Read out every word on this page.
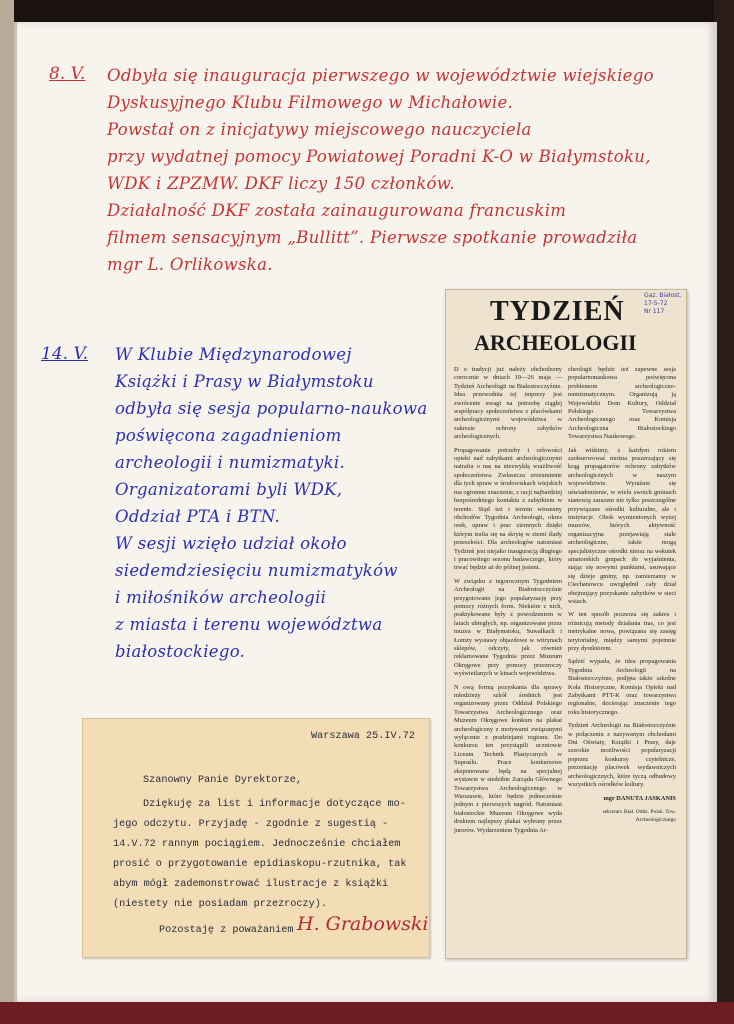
8. V. Odbyła się inauguracja pierwszego w województwie wiejskiego
Dyskusyjnego Klubu Filmowego w Michałowie.
Powstał on z inicjatywy miejscowego nauczyciela
przy wydatnej pomocy Powiatowej Poradni K-O w Białymstoku,
WDK i ZPZMW. DKF liczy 150 członków.
Działalność DKF została zainaugurowana francuskim
filmem sensacyjnym „Bullitt”. Pierwsze spotkanie prowadziła
mgr L. Orlikowska.
14. V. W Klubie Międzynarodowej
Książki i Prasy w Białymstoku
odbyła się sesja popularno-naukowa
poświęcona zagadnieniom
archeologii i numizmatyki.
Organizatorami byli WDK,
Oddział PTA i BTN.
W sesji wzięło udział około
siedemdziesięciu numizmatyków
i miłośników archeologii
z miasta i terenu województwa
białostockiego.
Gaz. Białost.
17-5-72
Nr 117
TYDZIEŃ
ARCHEOLOGII

D o tradycji już należy obchodzony corocznie w dniach 19—26 maja — Tydzień Archeologii na Białostocczyźnie. Idea przewodnia tej imprezy jest zwrócenie uwagi na potrzebę ciągłej współpracy społeczeństwa z placówkami archeologicznymi województwa w zakresie ochrony zabytków archeologicznych.

Propagowanie potrzeby i celowości opieki nad zabytkami archeologicznymi natrafia o nas na niezwykłą wrażliwość społeczeństwa. Zwłaszcza zrozumienie dla tych spraw w środowiskach wiejskich ma ogromne znaczenie, z racji najbardziej bezpośredniego kontaktu z zabytkiem w terenie. Stąd też i termin wiosenny obchodów Tygodnia Archeologii, okres orek, upraw i prac ziemnych dzięki którym trafia się na skrytę w ziemi ślady przeszłości. Dla archeologów natomiast Tydzień jest niejako inauguracją długiego i pracowitego sezonu badawczego, który trwać będzie aż do późnej jesieni.

W związku z tegorocznym Tygodniem Archeologii na Białostocczyźnie przygotowano jego popularyzację przy pomocy różnych form. Niektóre z nich, praktykowane były z powodzeniem w latach ubiegłych, np. organizowane przez muzea w Białymstoku, Suwałkach i Łomży wystawy objazdowe w witrynach sklepów, odczyty, jak również reklamowane Tygodnia przez Muzeum Okręgowe przy pomocy przezroczy wyświetlanych w kinach województwa.

N ową formą pozyskania dla sprawy młodzieży szkół średnich jest organizowany przez Oddział Polskiego Towarzystwa Archeologicznego oraz Muzeum Okręgowe konkurs na plakat archeologiczny z motywami związanymi wyłącznie z pradziejami regionu. Do konkursu ten przystąpili uczniowie Liceum Technik Plastycznych w Supraślu. Prace konkursowe eksponowane będą na specjalnej wystawie w siedzibie Zarządu Głównego Towarzystwa Archeologicznego w Warszawie, które będzie jednocześnie jednym z pierwszych nagród. Natomiast białostockie Muzeum Okręgowe wyda drukiem najlepszy plakat wybrany przez jurorów. Wydarzeniem Tygodnia Ar-

cheologii będzie też zapewne sesja popularnonaukowa poświęcona problemom archeologiczno-numizmatycznym. Organizują ją Wojewódzki Dom Kultury, Oddział Polskiego Towarzystwa Archeologicznego oraz Komisja Archeologiczna Białostockiego Towarzystwa Naukowego.

Jak widzimy, z każdym rokiem zaobserwować można poszerzający się krąg propagatorów ochrony zabytków archeologicznych w naszym województwie. Wyraźnie się uświadomienie, w wielu swoich gminach stanowią zarazem nie tylko poszczególne przywiązane ośrodki kulturalne, ale i instytucje. Obok wymienionych wyżej muzeów, których aktywność organizacyjna przejawiają stale archeologiczne, także mogą specjalistyczne ośrodki nieraz na wskutek amatorskich grupach do wyjaśnienia, stając się nowymi punktami, usuwające się dzieje gminy, np. zamierzamy w Ciechanowcu uwzględnił cały dział obejmujący pozyskanie zabytków w sieci wsiach.

W ten sposób poszerza się zakres i różnicują metody działania tras, co jest metrykalne nowa, powiązana się zasięg terytorialny, między samymi pojemnie przy dyrektorem.

Sądzić wypada, że idea propagowania Tygodnia Archeologii na Białostocczyźnie, podjęta także szkolne Koła Historyczne, Komisja Opieki nad Zabytkami PTT-K oraz towarzystwa regionalne, docierając znaczenie tego roku historycznego.

Tydzień Archeologii na Białostocczyźnie w połączeniu z nazywanym obchodami Dni Oświaty, Książki i Prasy, daje szerokie możliwości popularyzacji poprzez konkursy czytelnicze, prezentację placówek wydawniczych archeologicznych, które tyczą odbudowy wszystkich ośrodków kultury.

mgr DANUTA JASKANIS

sekretarz Biał. Oddz. Polsk. Tow. Archeologicznego

Warszawa 25.IV.72
Szanowny Panie Dyrektorze,
Dziękuję za list i informacje dotyczące mo-
jego odczytu. Przyjadę - zgodnie z sugestią -
14.V.72 rannym pociągiem. Jednocześnie chciałem
prosić o przygotowanie epidiaskopu-rzutnika, tak
abym mógł zademonstrować ilustracje z książki
(niestety nie posiadam przezroczy).
Pozostaję z poważaniem H. Grabowski
